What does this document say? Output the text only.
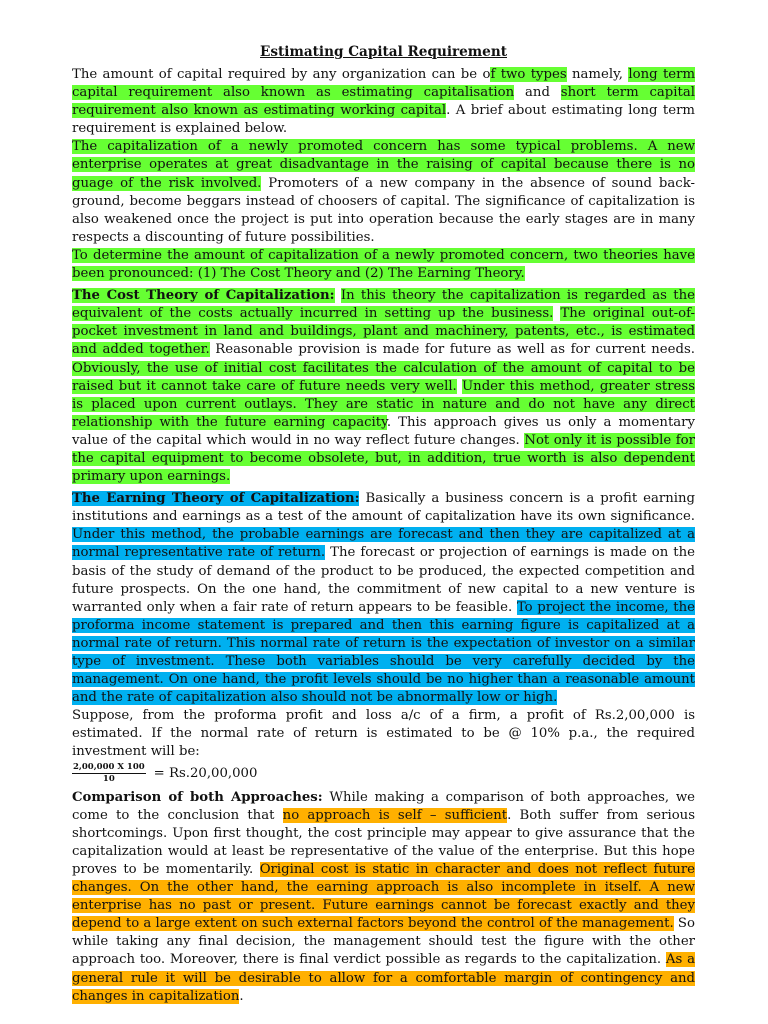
Estimating Capital Requirement

The amount of capital required by any organization can be of two types namely, long term capital requirement also known as estimating capitalisation and short term capital requirement also known as estimating working capital. A brief about estimating long term requirement is explained below.

The capitalization of a newly promoted concern has some typical problems. A new enterprise operates at great disadvantage in the raising of capital because there is no guage of the risk involved. Promoters of a new company in the absence of sound back-ground, become beggars instead of choosers of capital. The significance of capitalization is also weakened once the project is put into operation because the early stages are in many respects a discounting of future possibilities.

To determine the amount of capitalization of a newly promoted concern, two theories have been pronounced: (1) The Cost Theory and (2) The Earning Theory.

The Cost Theory of Capitalization: In this theory the capitalization is regarded as the equivalent of the costs actually incurred in setting up the business. The original out-of-pocket investment in land and buildings, plant and machinery, patents, etc., is estimated and added together. Reasonable provision is made for future as well as for current needs. Obviously, the use of initial cost facilitates the calculation of the amount of capital to be raised but it cannot take care of future needs very well. Under this method, greater stress is placed upon current outlays. They are static in nature and do not have any direct relationship with the future earning capacity. This approach gives us only a momentary value of the capital which would in no way reflect future changes. Not only it is possible for the capital equipment to become obsolete, but, in addition, true worth is also dependent primary upon earnings.

The Earning Theory of Capitalization: Basically a business concern is a profit earning institutions and earnings as a test of the amount of capitalization have its own significance. Under this method, the probable earnings are forecast and then they are capitalized at a normal representative rate of return. The forecast or projection of earnings is made on the basis of the study of demand of the product to be produced, the expected competition and future prospects. On the one hand, the commitment of new capital to a new venture is warranted only when a fair rate of return appears to be feasible. To project the income, the proforma income statement is prepared and then this earning figure is capitalized at a normal rate of return. This normal rate of return is the expectation of investor on a similar type of investment. These both variables should be very carefully decided by the management. On one hand, the profit levels should be no higher than a reasonable amount and the rate of capitalization also should not be abnormally low or high.

Suppose, from the proforma profit and loss a/c of a firm, a profit of Rs.2,00,000 is estimated. If the normal rate of return is estimated to be @ 10% p.a., the required investment will be:

$\frac{2,00,000 X 100}{10} = Rs.20,00,000$

Comparison of both Approaches: While making a comparison of both approaches, we come to the conclusion that no approach is self – sufficient. Both suffer from serious shortcomings. Upon first thought, the cost principle may appear to give assurance that the capitalization would at least be representative of the value of the enterprise. But this hope proves to be momentarily. Original cost is static in character and does not reflect future changes. On the other hand, the earning approach is also incomplete in itself. A new enterprise has no past or present. Future earnings cannot be forecast exactly and they depend to a large extent on such external factors beyond the control of the management. So while taking any final decision, the management should test the figure with the other approach too. Moreover, there is final verdict possible as regards to the capitalization. As a general rule it will be desirable to allow for a comfortable margin of contingency and changes in capitalization.
